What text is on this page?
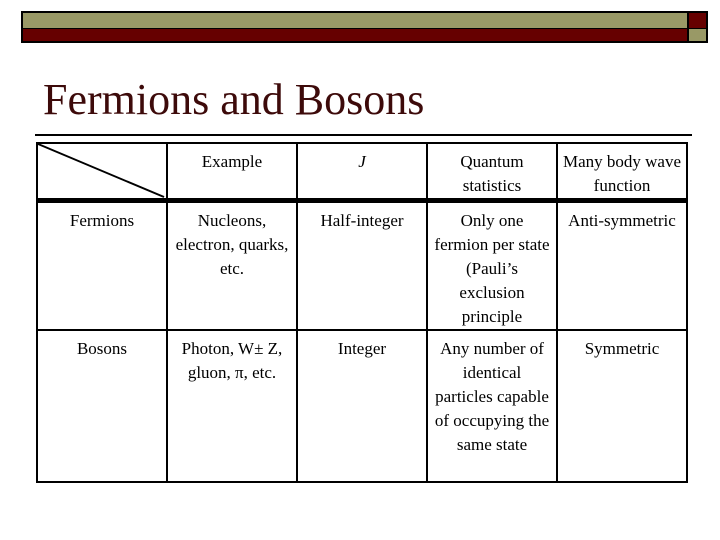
Fermions and Bosons
	Example	J	Quantum statistics	Many body wave function
Fermions	Nucleons, electron, quarks, etc.	Half-integer	Only one fermion per state (Pauli’s exclusion principle	Anti-symmetric
Bosons	Photon, W± Z, gluon, π, etc.	Integer	Any number of identical particles capable of occupying the same state	Symmetric
